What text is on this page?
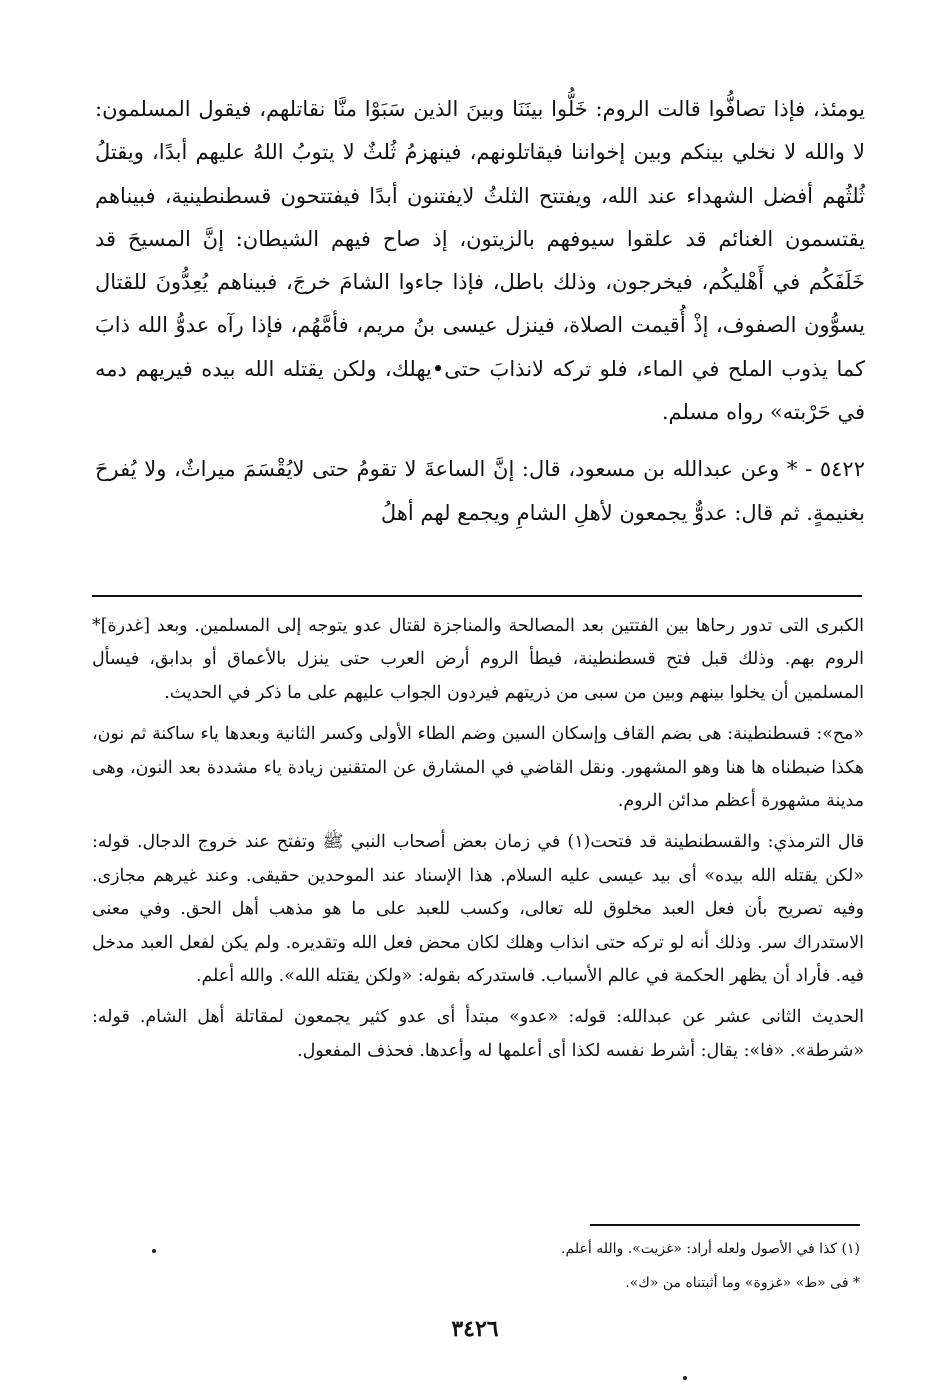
يومئذ، فإذا تصافُّوا قالت الروم: خَلُّوا بينَنَا وبينَ الذين سَبَوْا منَّا نقاتلهم، فيقول المسلمون: لا والله لا نخلي بينكم وبين إخواننا فيقاتلونهم، فينهزمُ ثُلثٌ لا يتوبُ اللهُ عليهم أبدًا، ويقتلُ ثُلثُهم أفضل الشهداء عند الله، ويفتتح الثلثُ لايفتنون أبدًا فيفتتحون قسطنطينية، فبيناهم يقتسمون الغنائم قد علقوا سيوفهم بالزيتون، إذ صاح فيهم الشيطان: إنَّ المسيحَ قد خَلَفَكُم في أَهْليكُم، فيخرجون، وذلك باطل، فإذا جاءوا الشامَ خرجَ، فبيناهم يُعِدُّونَ للقتال يسوُّون الصفوف، إذْ أُقيمت الصلاة، فينزل عيسى بنُ مريم، فأمَّهُم، فإذا رآه عدوُّ الله ذابَ كما يذوب الملح في الماء، فلو تركه لانذابَ حتى•يهلك، ولكن يقتله الله بيده فيريهم دمه في حَرْبته» رواه مسلم.

٥٤٢٢ - * وعن عبدالله بن مسعود، قال: إنَّ الساعةَ لا تقومُ حتى لايُقْسَمَ ميراثٌ، ولا يُفرحَ بغنيمةٍ. ثم قال: عدوٌّ يجمعون لأهلِ الشامِ ويجمع لهم أهلُ

الكبرى التى تدور رحاها بين الفتتين بعد المصالحة والمناجزة لقتال عدو يتوجه إلى المسلمين. وبعد [غدرة]* الروم بهم. وذلك قبل فتح قسطنطينة، فيطأ الروم أرض العرب حتى ينزل بالأعماق أو بدابق، فيسأل المسلمين أن يخلوا بينهم وبين من سبى من ذريتهم فيردون الجواب عليهم على ما ذكر في الحديث.

«مح»: قسطنطينة: هى بضم القاف وإسكان السين وضم الطاء الأولى وكسر الثانية وبعدها ياء ساكنة ثم نون، هكذا ضبطناه ها هنا وهو المشهور. ونقل القاضي في المشارق عن المتقنين زيادة ياء مشددة بعد النون، وهى مدينة مشهورة أعظم مدائن الروم.

قال الترمذي: والقسطنطينة قد فتحت(١) في زمان بعض أصحاب النبي ﷺ وتفتح عند خروج الدجال. قوله: «لكن يقتله الله بيده» أى بيد عيسى عليه السلام. هذا الإسناد عند الموحدين حقيقى. وعند غيرهم مجازى. وفيه تصريح بأن فعل العبد مخلوق لله تعالى، وكسب للعبد على ما هو مذهب أهل الحق. وفي معنى الاستدراك سر. وذلك أنه لو تركه حتى انذاب وهلك لكان محض فعل الله وتقديره. ولم يكن لفعل العبد مدخل فيه. فأراد أن يظهر الحكمة في عالم الأسباب. فاستدركه بقوله: «ولكن يقتله الله». والله أعلم.

الحديث الثانى عشر عن عبدالله: قوله: «عدو» مبتدأ أى عدو كثير يجمعون لمقاتلة أهل الشام. قوله: «شرطة». «فا»: يقال: أشرط نفسه لكذا أى أعلمها له وأعدها. فحذف المفعول.

(١) كذا في الأصول ولعله أراد: «غزيت». والله أعلم.

* فى «ط» «غزوة» وما أثبتناه من «ك».

٣٤٢٦
